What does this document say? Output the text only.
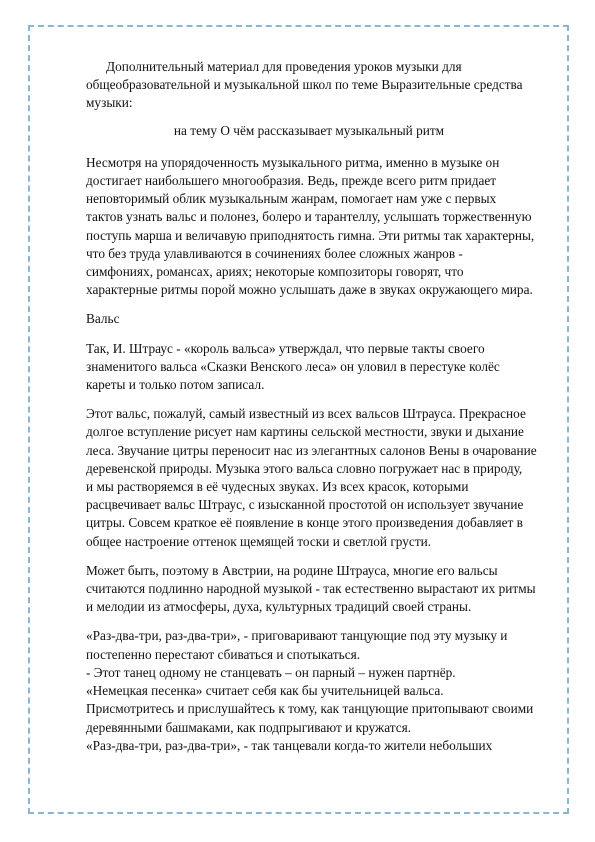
Дополнительный материал для проведения уроков музыки для
общеобразовательной и музыкальной школ по теме Выразительные средства
музыки:
на тему О чём рассказывает музыкальный ритм
Несмотря на упорядоченность музыкального ритма, именно в музыке он
достигает наибольшего многообразия. Ведь, прежде всего ритм придает
неповторимый облик музыкальным жанрам, помогает нам уже с первых
тактов узнать вальс и полонез, болеро и тарантеллу, услышать торжественную
поступь марша и величавую приподнятость гимна. Эти ритмы так характерны,
что без труда улавливаются в сочинениях более сложных жанров -
симфониях, романсах, ариях; некоторые композиторы говорят, что
характерные ритмы порой можно услышать даже в звуках окружающего мира.
Вальс
Так, И. Штраус - «король вальса» утверждал, что первые такты своего
знаменитого вальса «Сказки Венского леса» он уловил в перестуке колёс
кареты и только потом записал.
Этот вальс, пожалуй, самый известный из всех вальсов Штрауса. Прекрасное
долгое вступление рисует нам картины сельской местности, звуки и дыхание
леса. Звучание цитры переносит нас из элегантных салонов Вены в очарование
деревенской природы. Музыка этого вальса словно погружает нас в природу,
и мы растворяемся в её чудесных звуках. Из всех красок, которыми
расцвечивает вальс Штраус, с изысканной простотой он использует звучание
цитры. Совсем краткое её появление в конце этого произведения добавляет в
общее настроение оттенок щемящей тоски и светлой грусти.
Может быть, поэтому в Австрии, на родине Штрауса, многие его вальсы
считаются подлинно народной музыкой - так естественно вырастают их ритмы
и мелодии из атмосферы, духа, культурных традиций своей страны.
«Раз-два-три, раз-два-три», - приговаривают танцующие под эту музыку и
постепенно перестают сбиваться и спотыкаться.
- Этот танец одному не станцевать – он парный – нужен партнёр.
«Немецкая песенка» считает себя как бы учительницей вальса.
Присмотритесь и прислушайтесь к тому, как танцующие притопывают своими
деревянными башмаками, как подпрыгивают и кружатся.
«Раз-два-три, раз-два-три», - так танцевали когда-то жители небольших
